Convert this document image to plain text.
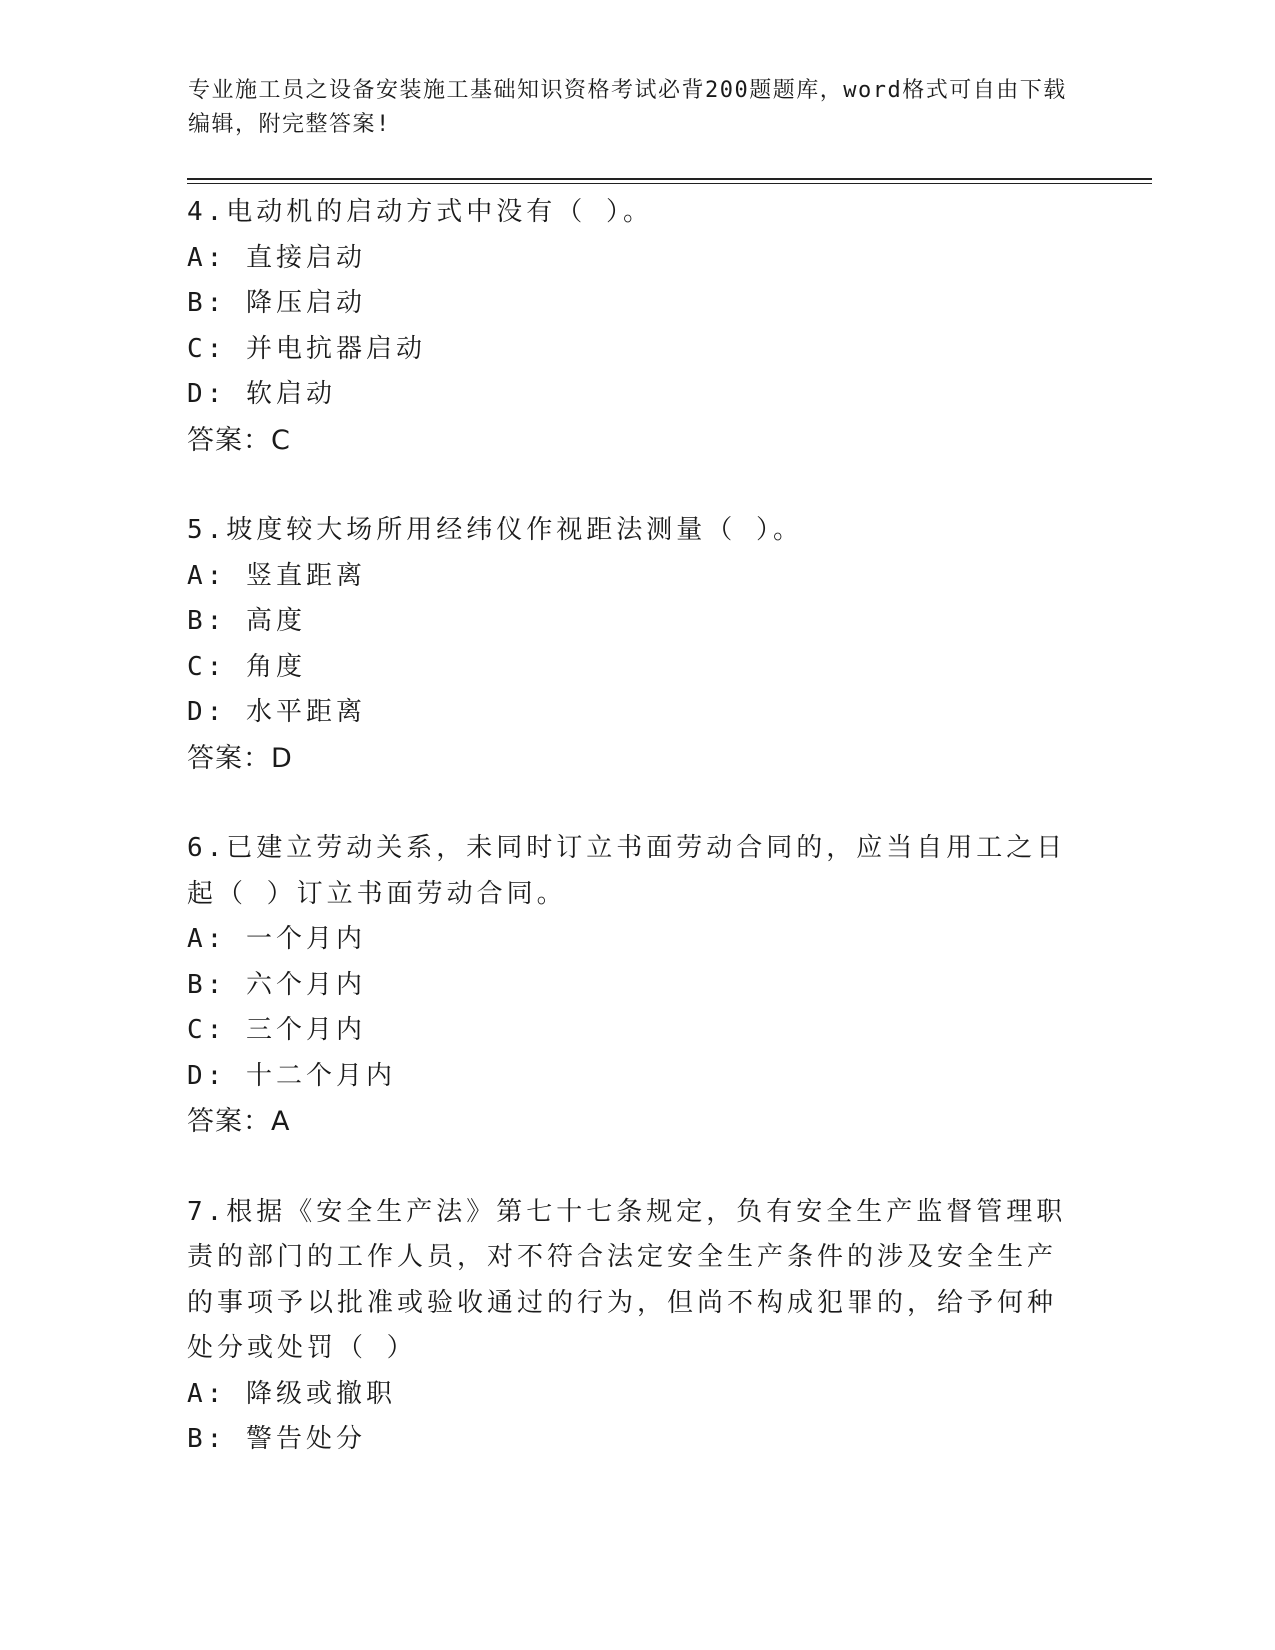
专业施工员之设备安装施工基础知识资格考试必背200题题库，word格式可自由下载编辑，附完整答案!
4.电动机的启动方式中没有（ ）。
A: 直接启动
B: 降压启动
C: 并电抗器启动
D: 软启动
答案：C
5.坡度较大场所用经纬仪作视距法测量（ ）。
A: 竖直距离
B: 高度
C: 角度
D: 水平距离
答案：D
6.已建立劳动关系，未同时订立书面劳动合同的，应当自用工之日起（ ）订立书面劳动合同。
A: 一个月内
B: 六个月内
C: 三个月内
D: 十二个月内
答案：A
7.根据《安全生产法》第七十七条规定，负有安全生产监督管理职责的部门的工作人员，对不符合法定安全生产条件的涉及安全生产的事项予以批准或验收通过的行为，但尚不构成犯罪的，给予何种处分或处罚（ ）
A: 降级或撤职
B: 警告处分
